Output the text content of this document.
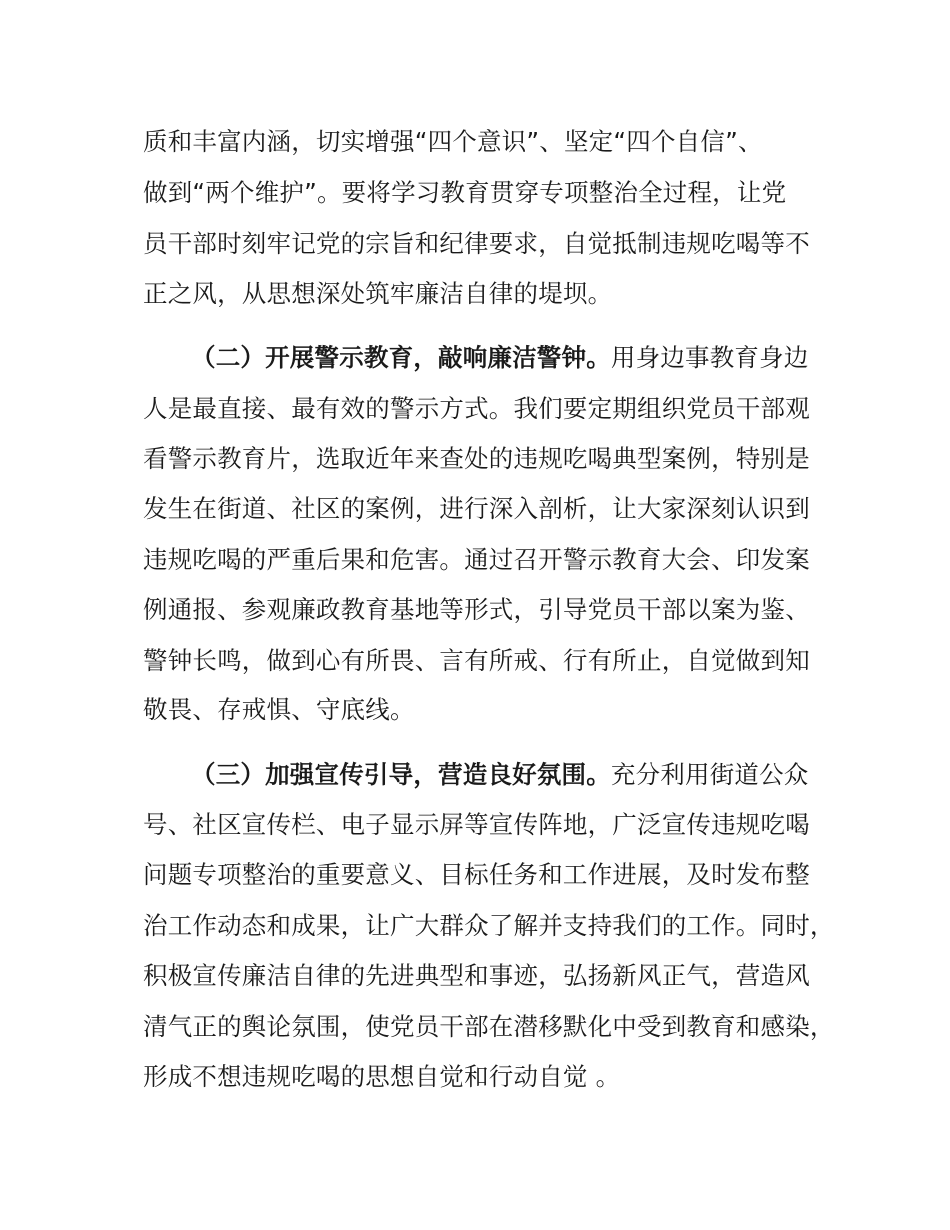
质和丰富内涵，切实增强“四个意识”、坚定“四个自信”、
做到“两个维护”。要将学习教育贯穿专项整治全过程，让党
员干部时刻牢记党的宗旨和纪律要求，自觉抵制违规吃喝等不
正之风，从思想深处筑牢廉洁自律的堤坝。
（二）开展警示教育，敲响廉洁警钟。用身边事教育身边
人是最直接、最有效的警示方式。我们要定期组织党员干部观
看警示教育片，选取近年来查处的违规吃喝典型案例，特别是
发生在街道、社区的案例，进行深入剖析，让大家深刻认识到
违规吃喝的严重后果和危害。通过召开警示教育大会、印发案
例通报、参观廉政教育基地等形式，引导党员干部以案为鉴、
警钟长鸣，做到心有所畏、言有所戒、行有所止，自觉做到知
敬畏、存戒惧、守底线。
（三）加强宣传引导，营造良好氛围。充分利用街道公众
号、社区宣传栏、电子显示屏等宣传阵地，广泛宣传违规吃喝
问题专项整治的重要意义、目标任务和工作进展，及时发布整
治工作动态和成果，让广大群众了解并支持我们的工作。同时，
积极宣传廉洁自律的先进典型和事迹，弘扬新风正气，营造风
清气正的舆论氛围，使党员干部在潜移默化中受到教育和感染，
形成不想违规吃喝的思想自觉和行动自觉 。
